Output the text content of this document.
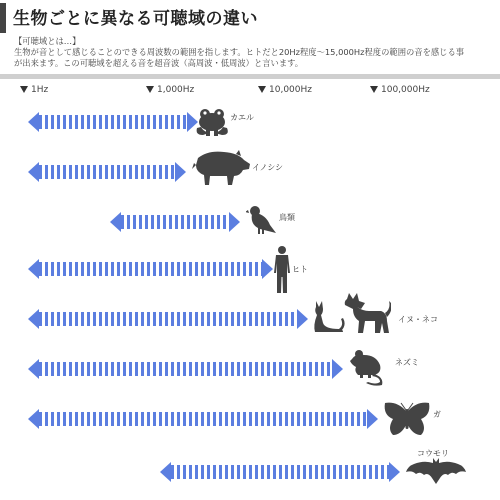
生物ごとに異なる可聴域の違い
【可聴域とは…】
生物が音として感じることのできる周波数の範囲を指します。ヒトだと20Hz程度〜15,000Hz程度の範囲の音を感じる事
が出来ます。この可聴域を超える音を超音波（高周波・低周波）と言います。
1Hz	1,000Hz	10,000Hz	100,000Hz
カエル
イノシシ
鳥類
ヒト
イヌ・ネコ
ネズミ
ガ
コウモリ
